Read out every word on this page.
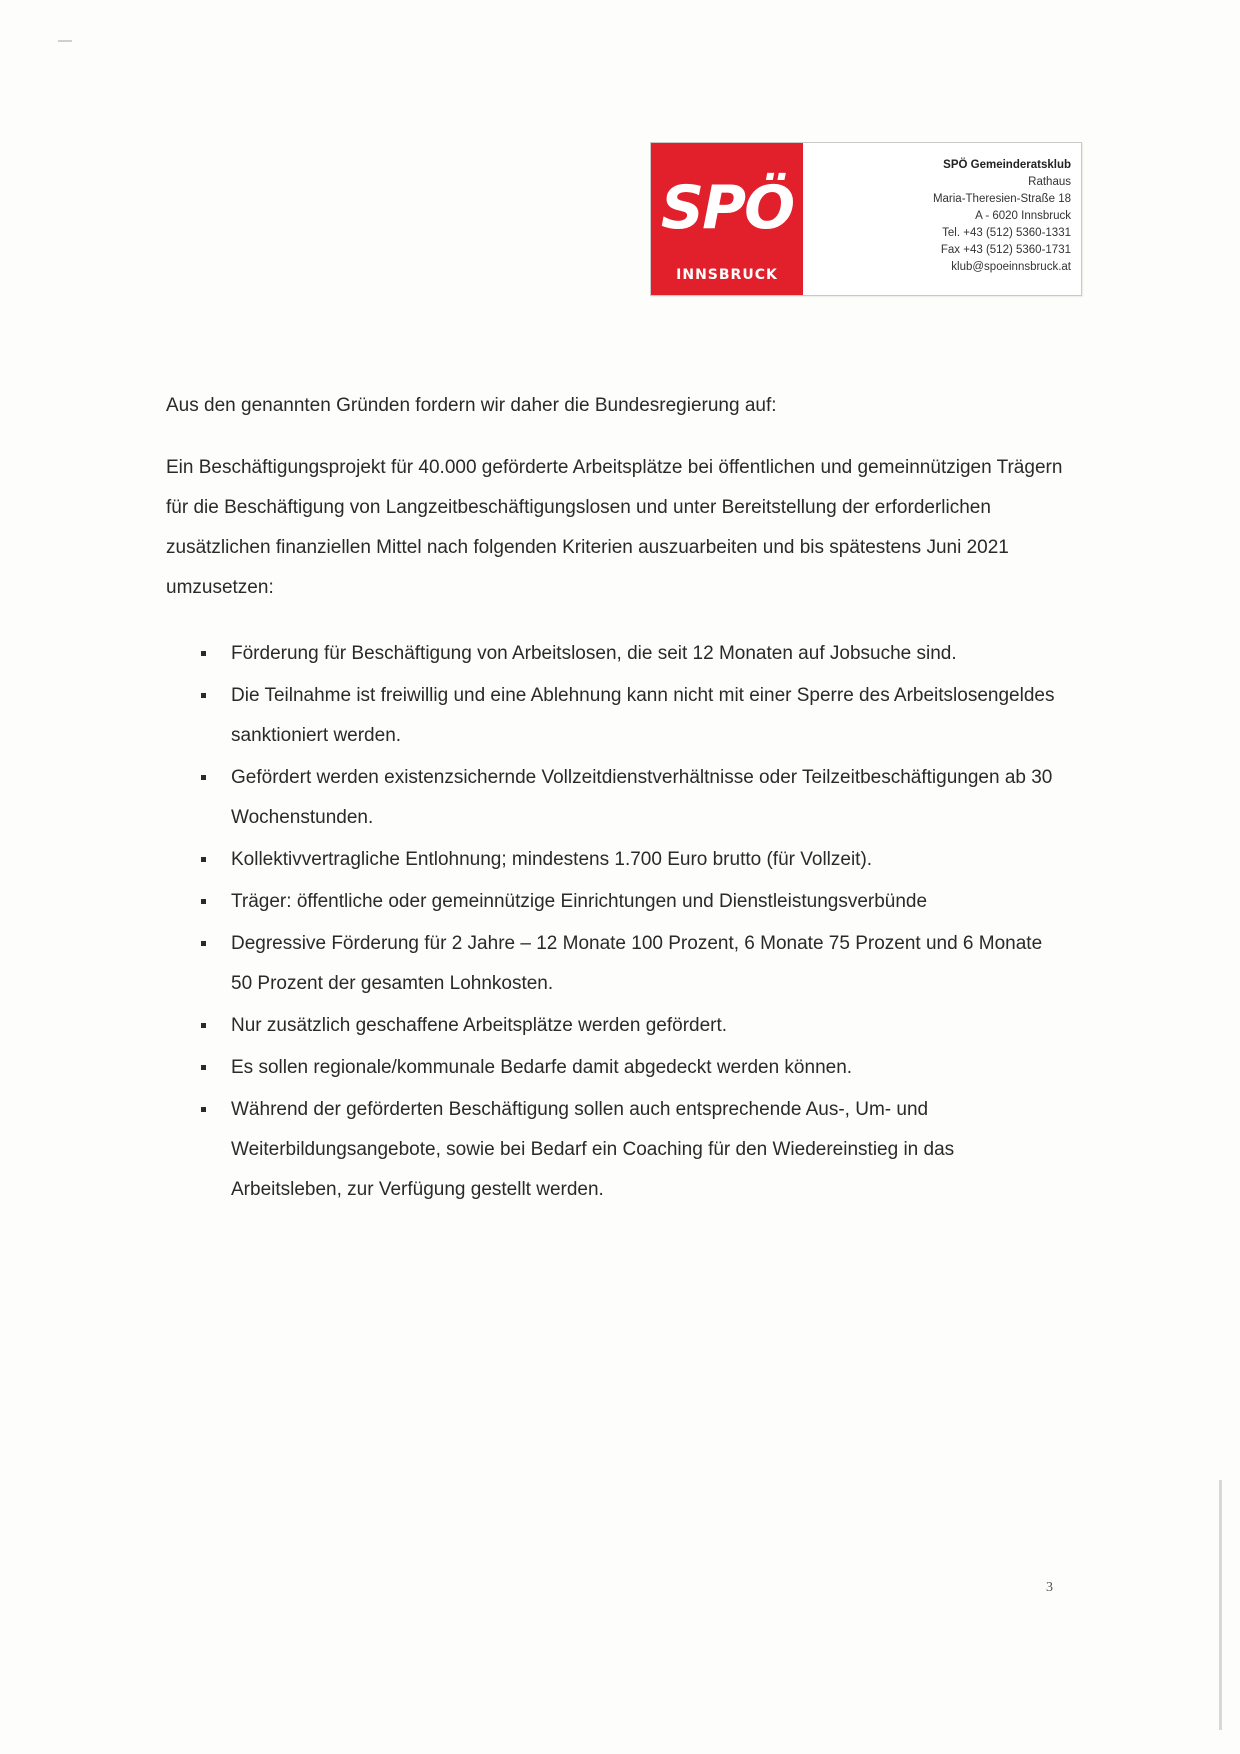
SPÖ
INNSBRUCK
SPÖ Gemeinderatsklub
Rathaus
Maria-Theresien-Straße 18
A - 6020 Innsbruck
Tel. +43 (512) 5360-1331
Fax +43 (512) 5360-1731
klub@spoeinnsbruck.at

Aus den genannten Gründen fordern wir daher die Bundesregierung auf:

Ein Beschäftigungsprojekt für 40.000 geförderte Arbeitsplätze bei öffentlichen und gemeinnützigen Trägern für die Beschäftigung von Langzeitbeschäftigungslosen und unter Bereitstellung der erforderlichen zusätzlichen finanziellen Mittel nach folgenden Kriterien auszuarbeiten und bis spätestens Juni 2021 umzusetzen:

Förderung für Beschäftigung von Arbeitslosen, die seit 12 Monaten auf Jobsuche sind.
Die Teilnahme ist freiwillig und eine Ablehnung kann nicht mit einer Sperre des Arbeitslosengeldes sanktioniert werden.
Gefördert werden existenzsichernde Vollzeitdienstverhältnisse oder Teilzeitbeschäftigungen ab 30 Wochenstunden.
Kollektivvertragliche Entlohnung; mindestens 1.700 Euro brutto (für Vollzeit).
Träger: öffentliche oder gemeinnützige Einrichtungen und Dienstleistungsverbünde
Degressive Förderung für 2 Jahre – 12 Monate 100 Prozent, 6 Monate 75 Prozent und 6 Monate 50 Prozent der gesamten Lohnkosten.
Nur zusätzlich geschaffene Arbeitsplätze werden gefördert.
Es sollen regionale/kommunale Bedarfe damit abgedeckt werden können.
Während der geförderten Beschäftigung sollen auch entsprechende Aus-, Um- und Weiterbildungsangebote, sowie bei Bedarf ein Coaching für den Wiedereinstieg in das Arbeitsleben, zur Verfügung gestellt werden.
3
